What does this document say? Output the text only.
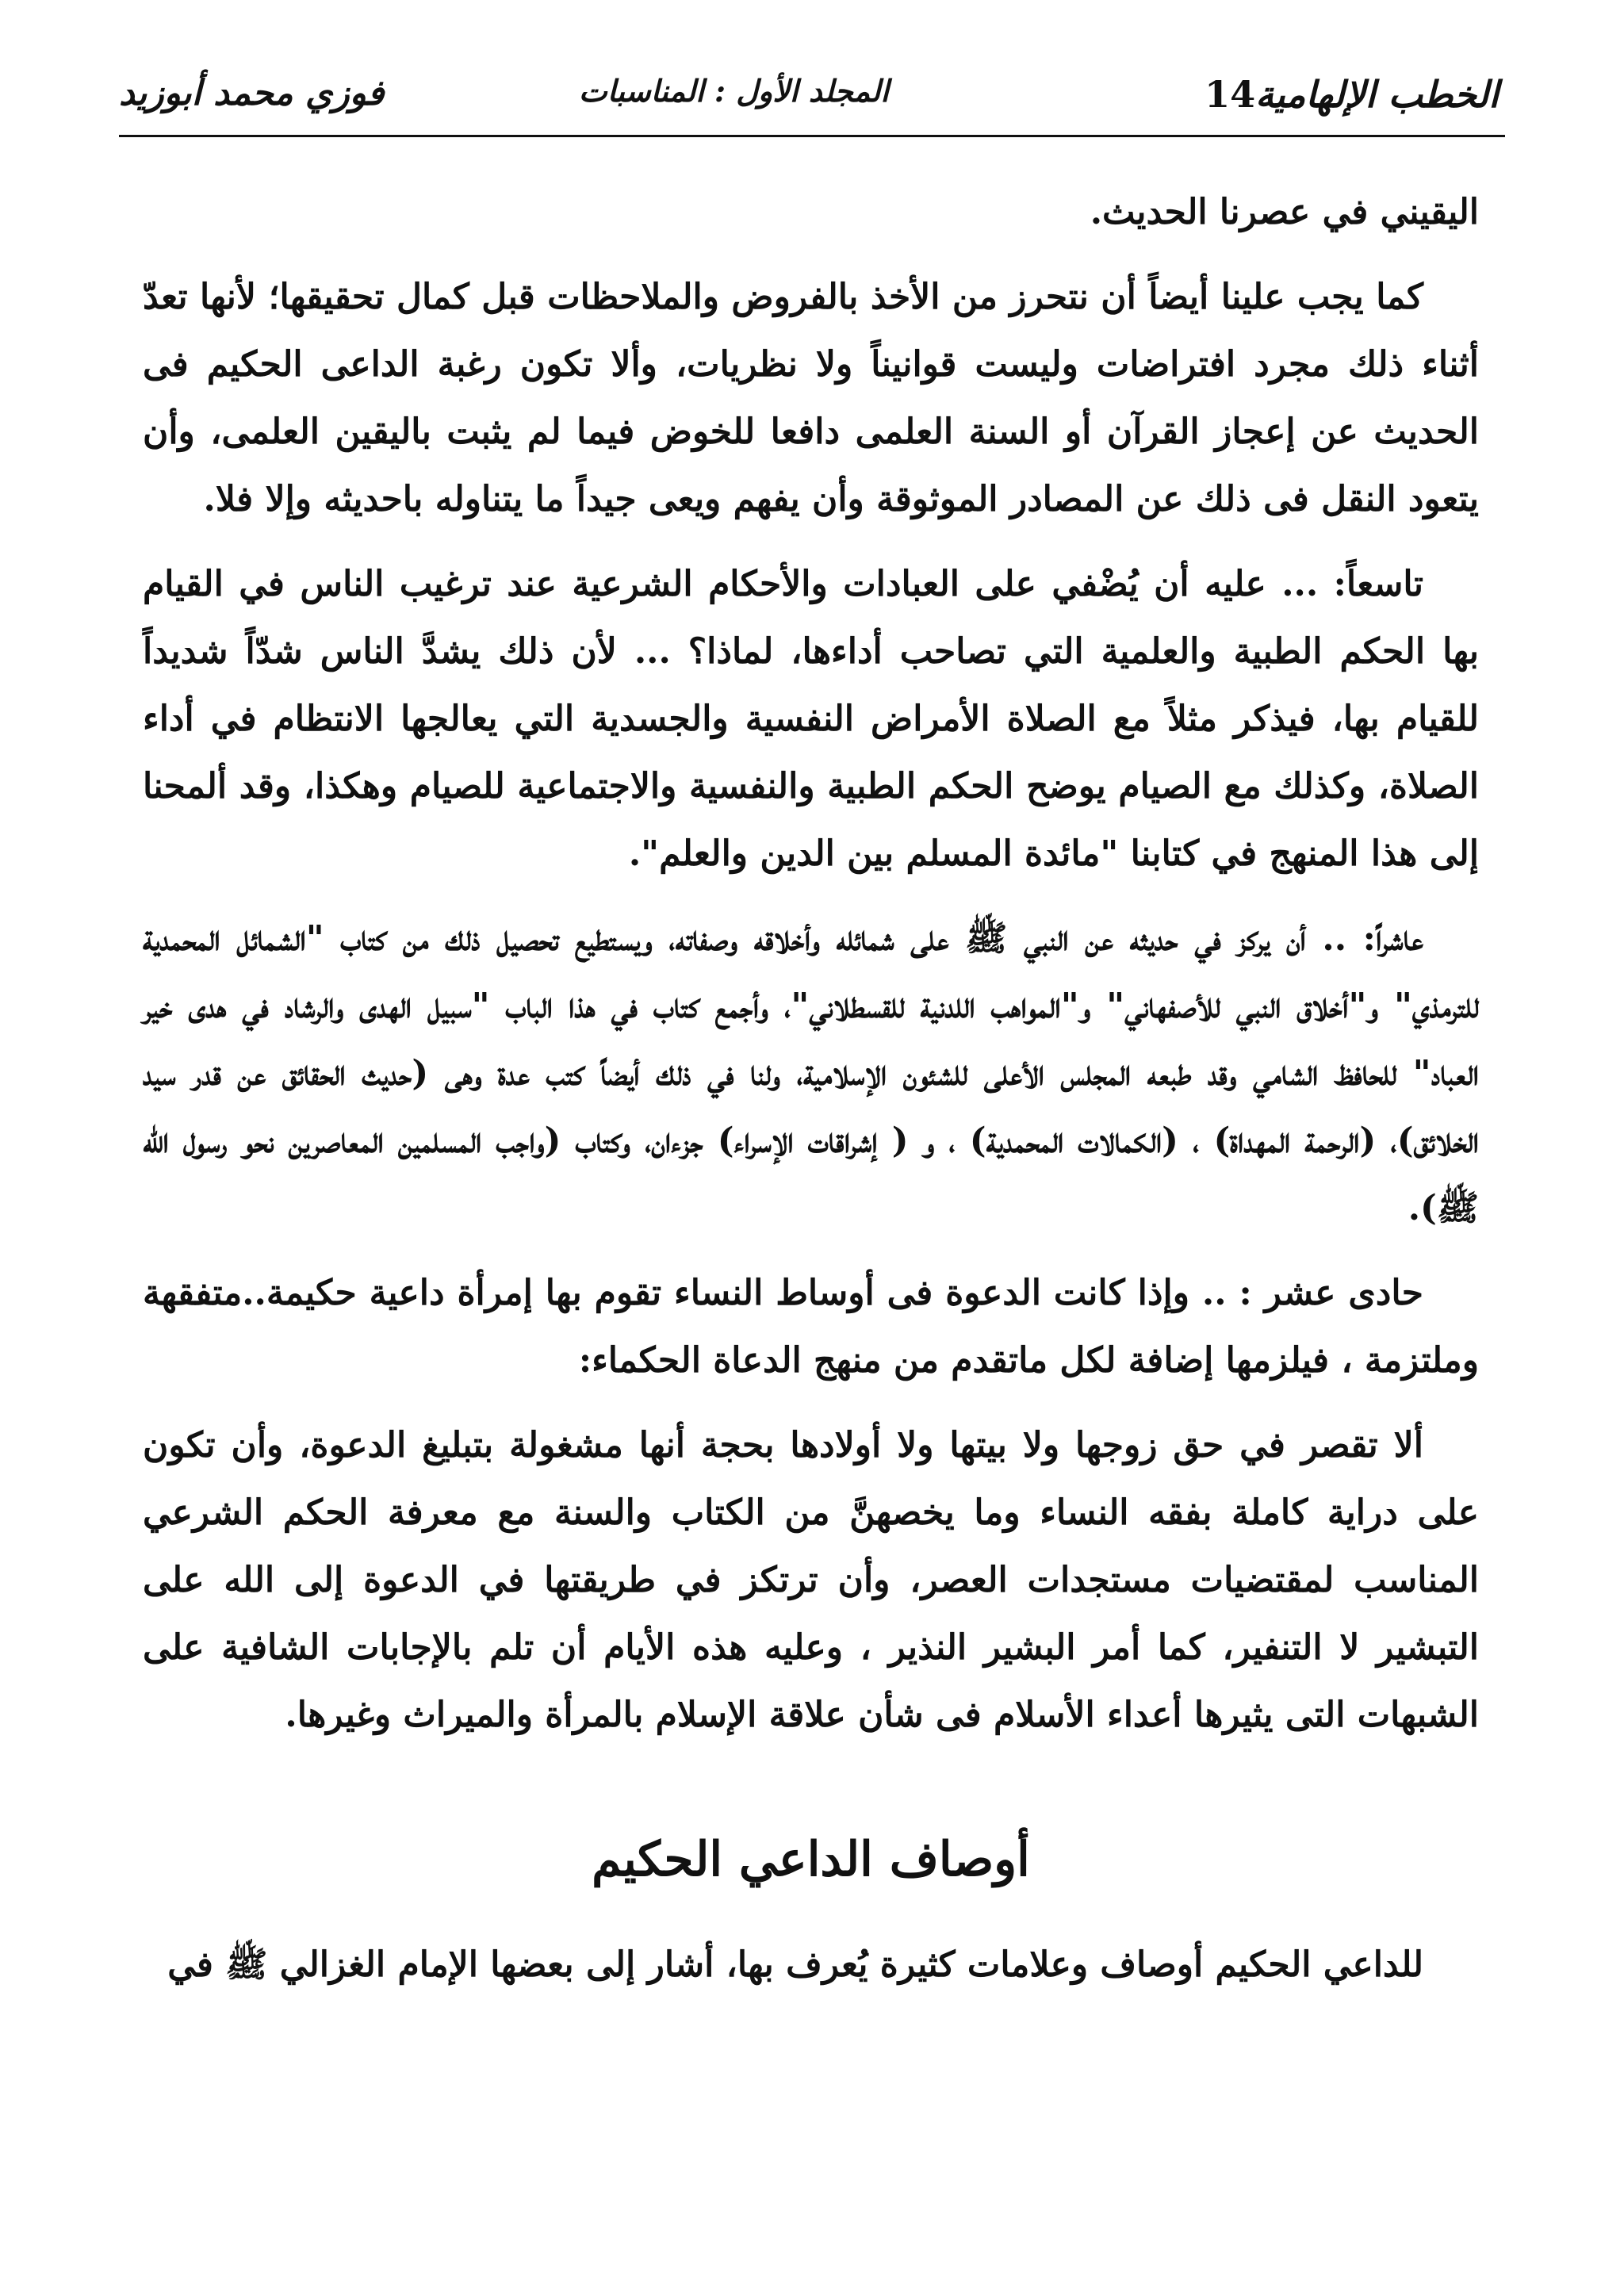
الخطب الإلهامية14
المجلد الأول : المناسبات
فوزي محمد أبوزيد

اليقيني في عصرنا الحديث.

كما يجب علينا أيضاً أن نتحرز من الأخذ بالفروض والملاحظات قبل كمال تحقيقها؛ لأنها تعدّ أثناء ذلك مجرد افتراضات وليست قوانيناً ولا نظريات، وألا تكون رغبة الداعى الحكيم فى الحديث عن إعجاز القرآن أو السنة العلمى دافعا للخوض فيما لم يثبت باليقين العلمى، وأن يتعود النقل فى ذلك عن المصادر الموثوقة وأن يفهم ويعى جيداً ما يتناوله باحديثه وإلا فلا.

تاسعاً: ... عليه أن يُضْفي على العبادات والأحكام الشرعية عند ترغيب الناس في القيام بها الحكم الطبية والعلمية التي تصاحب أداءها، لماذا؟ ... لأن ذلك يشدَّ الناس شدّاً شديداً للقيام بها، فيذكر مثلاً مع الصلاة الأمراض النفسية والجسدية التي يعالجها الانتظام في أداء الصلاة، وكذلك مع الصيام يوضح الحكم الطبية والنفسية والاجتماعية للصيام وهكذا، وقد ألمحنا إلى هذا المنهج في كتابنا "مائدة المسلم بين الدين والعلم".

عاشراً: .. أن يركز في حديثه عن النبي ﷺ على شمائله وأخلاقه وصفاته، ويستطيع تحصيل ذلك من كتاب "الشمائل المحمدية للترمذي" و"أخلاق النبي للأصفهاني" و"المواهب اللدنية للقسطلاني"، وأجمع كتاب في هذا الباب "سبيل الهدى والرشاد في هدى خير العباد" للحافظ الشامي وقد طبعه المجلس الأعلى للشئون الإسلامية، ولنا في ذلك أيضاً كتب عدة وهى (حديث الحقائق عن قدر سيد الخلائق)، (الرحمة المهداة) ، (الكمالات المحمدية) ، و ( إشراقات الإسراء) جزءان، وكتاب (واجب المسلمين المعاصرين نحو رسول الله ﷺ).

حادى عشر : .. وإذا كانت الدعوة فى أوساط النساء تقوم بها إمرأة داعية حكيمة..متفقهة وملتزمة ، فيلزمها إضافة لكل ماتقدم من منهج الدعاة الحكماء:

ألا تقصر في حق زوجها ولا بيتها ولا أولادها بحجة أنها مشغولة بتبليغ الدعوة، وأن تكون على دراية كاملة بفقه النساء وما يخصهنَّ من الكتاب والسنة مع معرفة الحكم الشرعي المناسب لمقتضيات مستجدات العصر، وأن ترتكز في طريقتها في الدعوة إلى الله على التبشير لا التنفير، كما أمر البشير النذير ، وعليه هذه الأيام أن تلم بالإجابات الشافية على الشبهات التى يثيرها أعداء الأسلام فى شأن علاقة الإسلام بالمرأة والميراث وغيرها.

أوصاف الداعي الحكيم

للداعي الحكيم أوصاف وعلامات كثيرة يُعرف بها، أشار إلى بعضها الإمام الغزالي ﷺ في
